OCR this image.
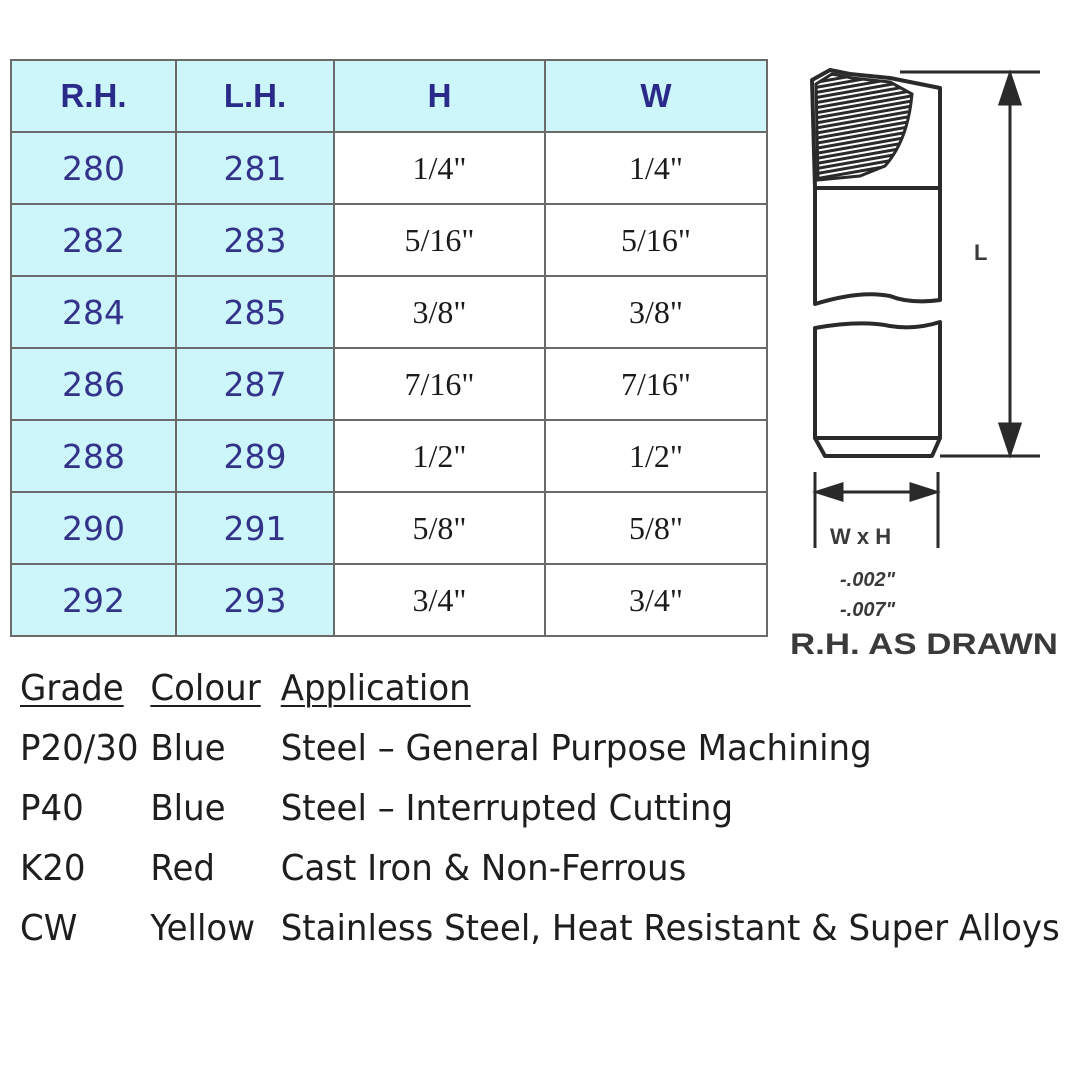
R.H.	L.H.	H	W
280	281	1/4"	1/4"
282	283	5/16"	5/16"
284	285	3/8"	3/8"
286	287	7/16"	7/16"
288	289	1/2"	1/2"
290	291	5/8"	5/8"
292	293	3/4"	3/4"
L
W x H
-.002"
-.007"
R.H. AS DRAWN
Grade Colour Application
P20/30 Blue Steel – General Purpose Machining
P40 Blue Steel – Interrupted Cutting
K20 Red Cast Iron & Non-Ferrous
CW Yellow Stainless Steel, Heat Resistant & Super Alloys
